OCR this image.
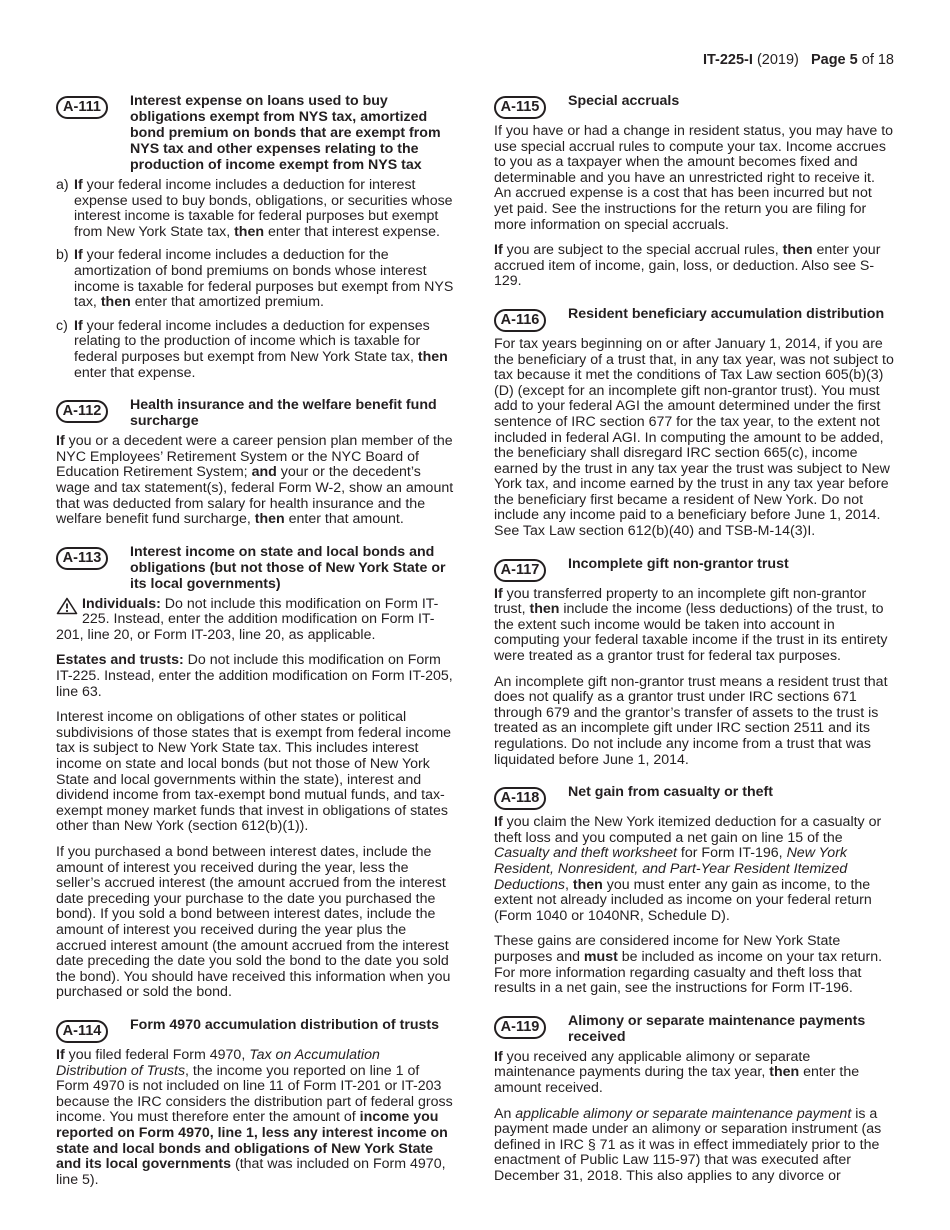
IT-225-I (2019) Page 5 of 18
A-111	Interest expense on loans used to buy obligations exempt from NYS tax, amortized bond premium on bonds that are exempt from NYS tax and other expenses relating to the production of income exempt from NYS tax
a) If your federal income includes a deduction for interest expense used to buy bonds, obligations, or securities whose interest income is taxable for federal purposes but exempt from New York State tax, then enter that interest expense.
b) If your federal income includes a deduction for the amortization of bond premiums on bonds whose interest income is taxable for federal purposes but exempt from NYS tax, then enter that amortized premium.
c) If your federal income includes a deduction for expenses relating to the production of income which is taxable for federal purposes but exempt from New York State tax, then enter that expense.
A-112	Health insurance and the welfare benefit fund surcharge

If you or a decedent were a career pension plan member of the NYC Employees’ Retirement System or the NYC Board of Education Retirement System; and your or the decedent’s wage and tax statement(s), federal Form W-2, show an amount that was deducted from salary for health insurance and the welfare benefit fund surcharge, then enter that amount.

A-113	Interest income on state and local bonds and obligations (but not those of New York State or its local governments)

Individuals: Do not include this modification on Form IT-225. Instead, enter the addition modification on Form IT-201, line 20, or Form IT-203, line 20, as applicable.

Estates and trusts: Do not include this modification on Form IT-225. Instead, enter the addition modification on Form IT-205, line 63.

Interest income on obligations of other states or political subdivisions of those states that is exempt from federal income tax is subject to New York State tax. This includes interest income on state and local bonds (but not those of New York State and local governments within the state), interest and dividend income from tax-exempt bond mutual funds, and tax-exempt money market funds that invest in obligations of states other than New York (section 612(b)(1)).

If you purchased a bond between interest dates, include the amount of interest you received during the year, less the seller’s accrued interest (the amount accrued from the interest date preceding your purchase to the date you purchased the bond). If you sold a bond between interest dates, include the amount of interest you received during the year plus the accrued interest amount (the amount accrued from the interest date preceding the date you sold the bond to the date you sold the bond). You should have received this information when you purchased or sold the bond.

A-114	Form 4970 accumulation distribution of trusts

If you filed federal Form 4970, Tax on Accumulation Distribution of Trusts, the income you reported on line 1 of Form 4970 is not included on line 11 of Form IT-201 or IT-203 because the IRC considers the distribution part of federal gross income. You must therefore enter the amount of income you reported on Form 4970, line 1, less any interest income on state and local bonds and obligations of New York State and its local governments (that was included on Form 4970, line 5).

A-115	Special accruals

If you have or had a change in resident status, you may have to use special accrual rules to compute your tax. Income accrues to you as a taxpayer when the amount becomes fixed and determinable and you have an unrestricted right to receive it. An accrued expense is a cost that has been incurred but not yet paid. See the instructions for the return you are filing for more information on special accruals.

If you are subject to the special accrual rules, then enter your accrued item of income, gain, loss, or deduction. Also see S-129.

A-116	Resident beneficiary accumulation distribution

For tax years beginning on or after January 1, 2014, if you are the beneficiary of a trust that, in any tax year, was not subject to tax because it met the conditions of Tax Law section 605(b)(3)(D) (except for an incomplete gift non-grantor trust). You must add to your federal AGI the amount determined under the first sentence of IRC section 677 for the tax year, to the extent not included in federal AGI. In computing the amount to be added, the beneficiary shall disregard IRC section 665(c), income earned by the trust in any tax year the trust was subject to New York tax, and income earned by the trust in any tax year before the beneficiary first became a resident of New York. Do not include any income paid to a beneficiary before June 1, 2014. See Tax Law section 612(b)(40) and TSB-M-14(3)I.

A-117	Incomplete gift non-grantor trust

If you transferred property to an incomplete gift non-grantor trust, then include the income (less deductions) of the trust, to the extent such income would be taken into account in computing your federal taxable income if the trust in its entirety were treated as a grantor trust for federal tax purposes.

An incomplete gift non-grantor trust means a resident trust that does not qualify as a grantor trust under IRC sections 671 through 679 and the grantor’s transfer of assets to the trust is treated as an incomplete gift under IRC section 2511 and its regulations. Do not include any income from a trust that was liquidated before June 1, 2014.

A-118	Net gain from casualty or theft

If you claim the New York itemized deduction for a casualty or theft loss and you computed a net gain on line 15 of the Casualty and theft worksheet for Form IT-196, New York Resident, Nonresident, and Part-Year Resident Itemized Deductions, then you must enter any gain as income, to the extent not already included as income on your federal return (Form 1040 or 1040NR, Schedule D).

These gains are considered income for New York State purposes and must be included as income on your tax return. For more information regarding casualty and theft loss that results in a net gain, see the instructions for Form IT-196.

A-119	Alimony or separate maintenance payments received

If you received any applicable alimony or separate maintenance payments during the tax year, then enter the amount received.

An applicable alimony or separate maintenance payment is a payment made under an alimony or separation instrument (as defined in IRC § 71 as it was in effect immediately prior to the enactment of Public Law 115-97) that was executed after December 31, 2018. This also applies to any divorce or
